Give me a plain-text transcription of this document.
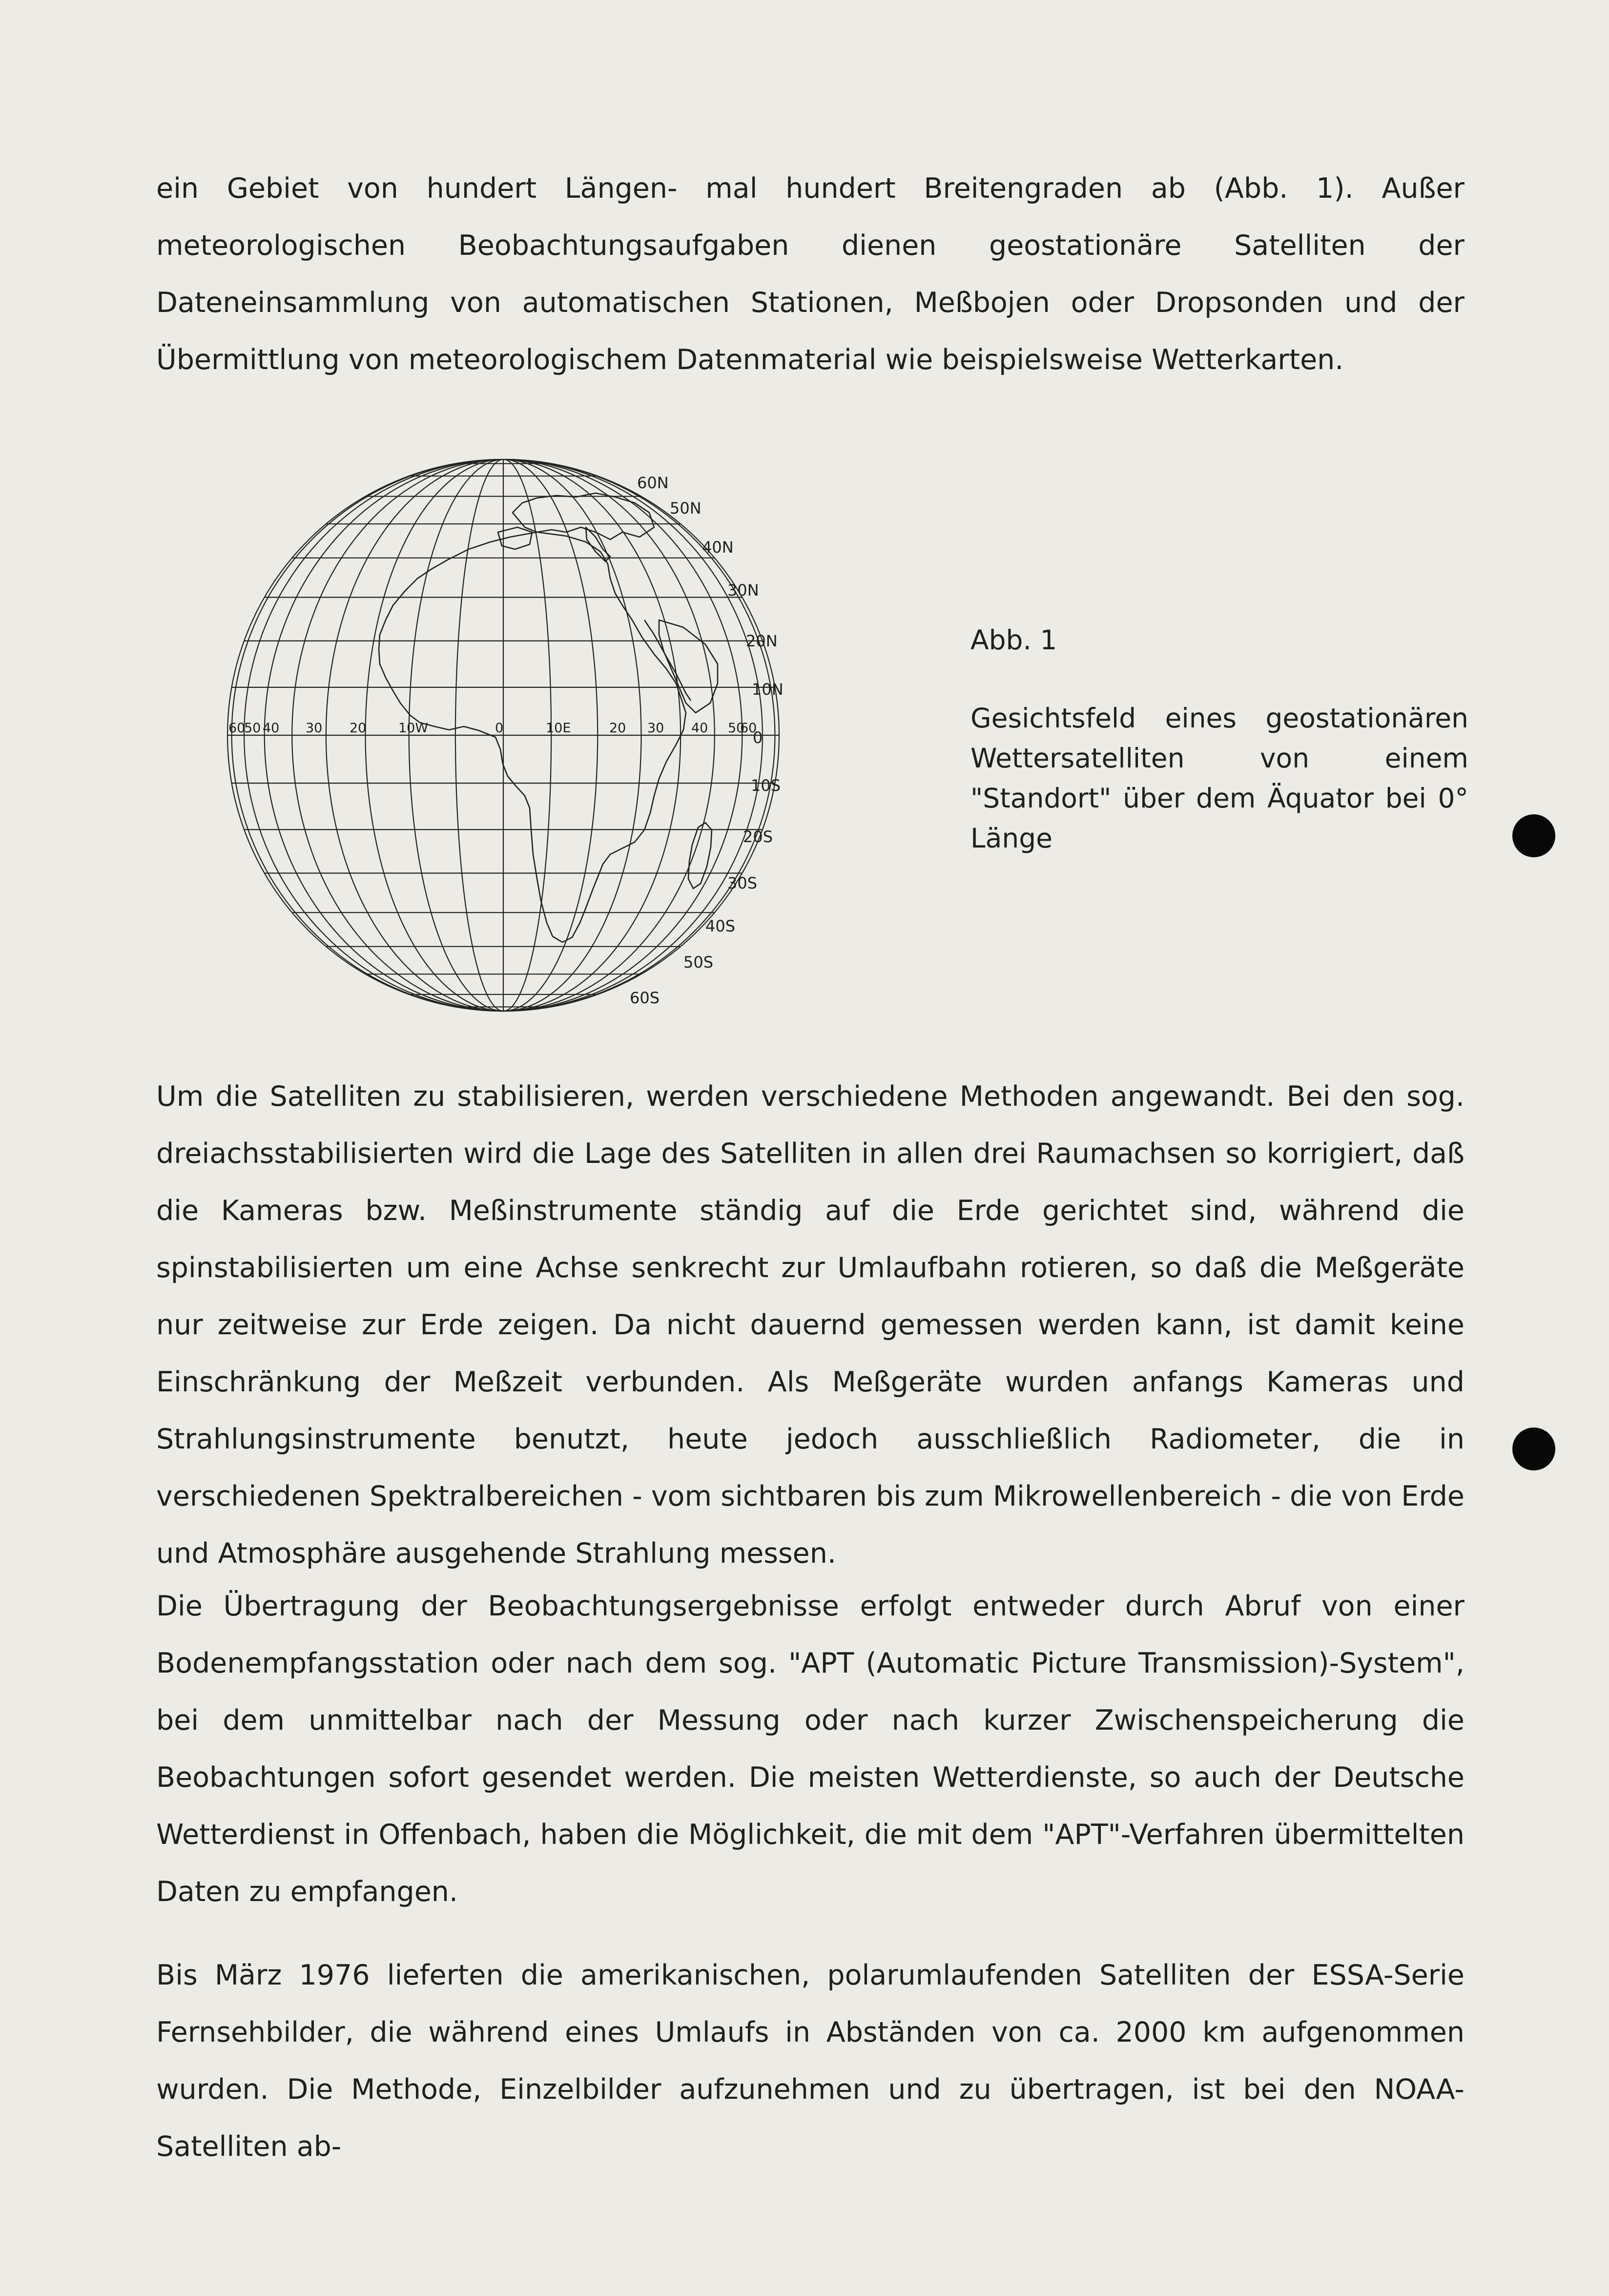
ein Gebiet von hundert Längen- mal hundert Breitengraden ab (Abb. 1). Außer meteorologischen Beobachtungsaufgaben dienen geostationäre Satelliten der Dateneinsammlung von automatischen Stationen, Meßbojen oder Dropsonden und der Übermittlung von meteorologischem Datenmaterial wie beispielsweise Wetterkarten.

60N
50N
40N
30N
20N
10N
0
10S
20S
30S
40S
50S
60S
60
50 40 30 20 10W	0	10E	20 30 40 50
60

Abb. 1

Gesichtsfeld eines geostationären Wettersatelliten von einem "Standort" über dem Äquator bei 0° Länge

Um die Satelliten zu stabilisieren, werden verschiedene Methoden angewandt. Bei den sog. dreiachsstabilisierten wird die Lage des Satelliten in allen drei Raumachsen so korrigiert, daß die Kameras bzw. Meßinstrumente ständig auf die Erde gerichtet sind, während die spinstabilisierten um eine Achse senkrecht zur Umlaufbahn rotieren, so daß die Meßgeräte nur zeitweise zur Erde zeigen. Da nicht dauernd gemessen werden kann, ist damit keine Einschränkung der Meßzeit verbunden. Als Meßgeräte wurden anfangs Kameras und Strahlungsinstrumente benutzt, heute jedoch ausschließlich Radiometer, die in verschiedenen Spektralbereichen - vom sichtbaren bis zum Mikrowellenbereich - die von Erde und Atmosphäre ausgehende Strahlung messen.

Die Übertragung der Beobachtungsergebnisse erfolgt entweder durch Abruf von einer Bodenempfangsstation oder nach dem sog. "APT (Automatic Picture Transmission)-System", bei dem unmittelbar nach der Messung oder nach kurzer Zwischenspeicherung die Beobachtungen sofort gesendet werden. Die meisten Wetterdienste, so auch der Deutsche Wetterdienst in Offenbach, haben die Möglichkeit, die mit dem "APT"-Verfahren übermittelten Daten zu empfangen.

Bis März 1976 lieferten die amerikanischen, polarumlaufenden Satelliten der ESSA-Serie Fernsehbilder, die während eines Umlaufs in Abständen von ca. 2000 km aufgenommen wurden. Die Methode, Einzelbilder aufzunehmen und zu übertragen, ist bei den NOAA-Satelliten ab-
